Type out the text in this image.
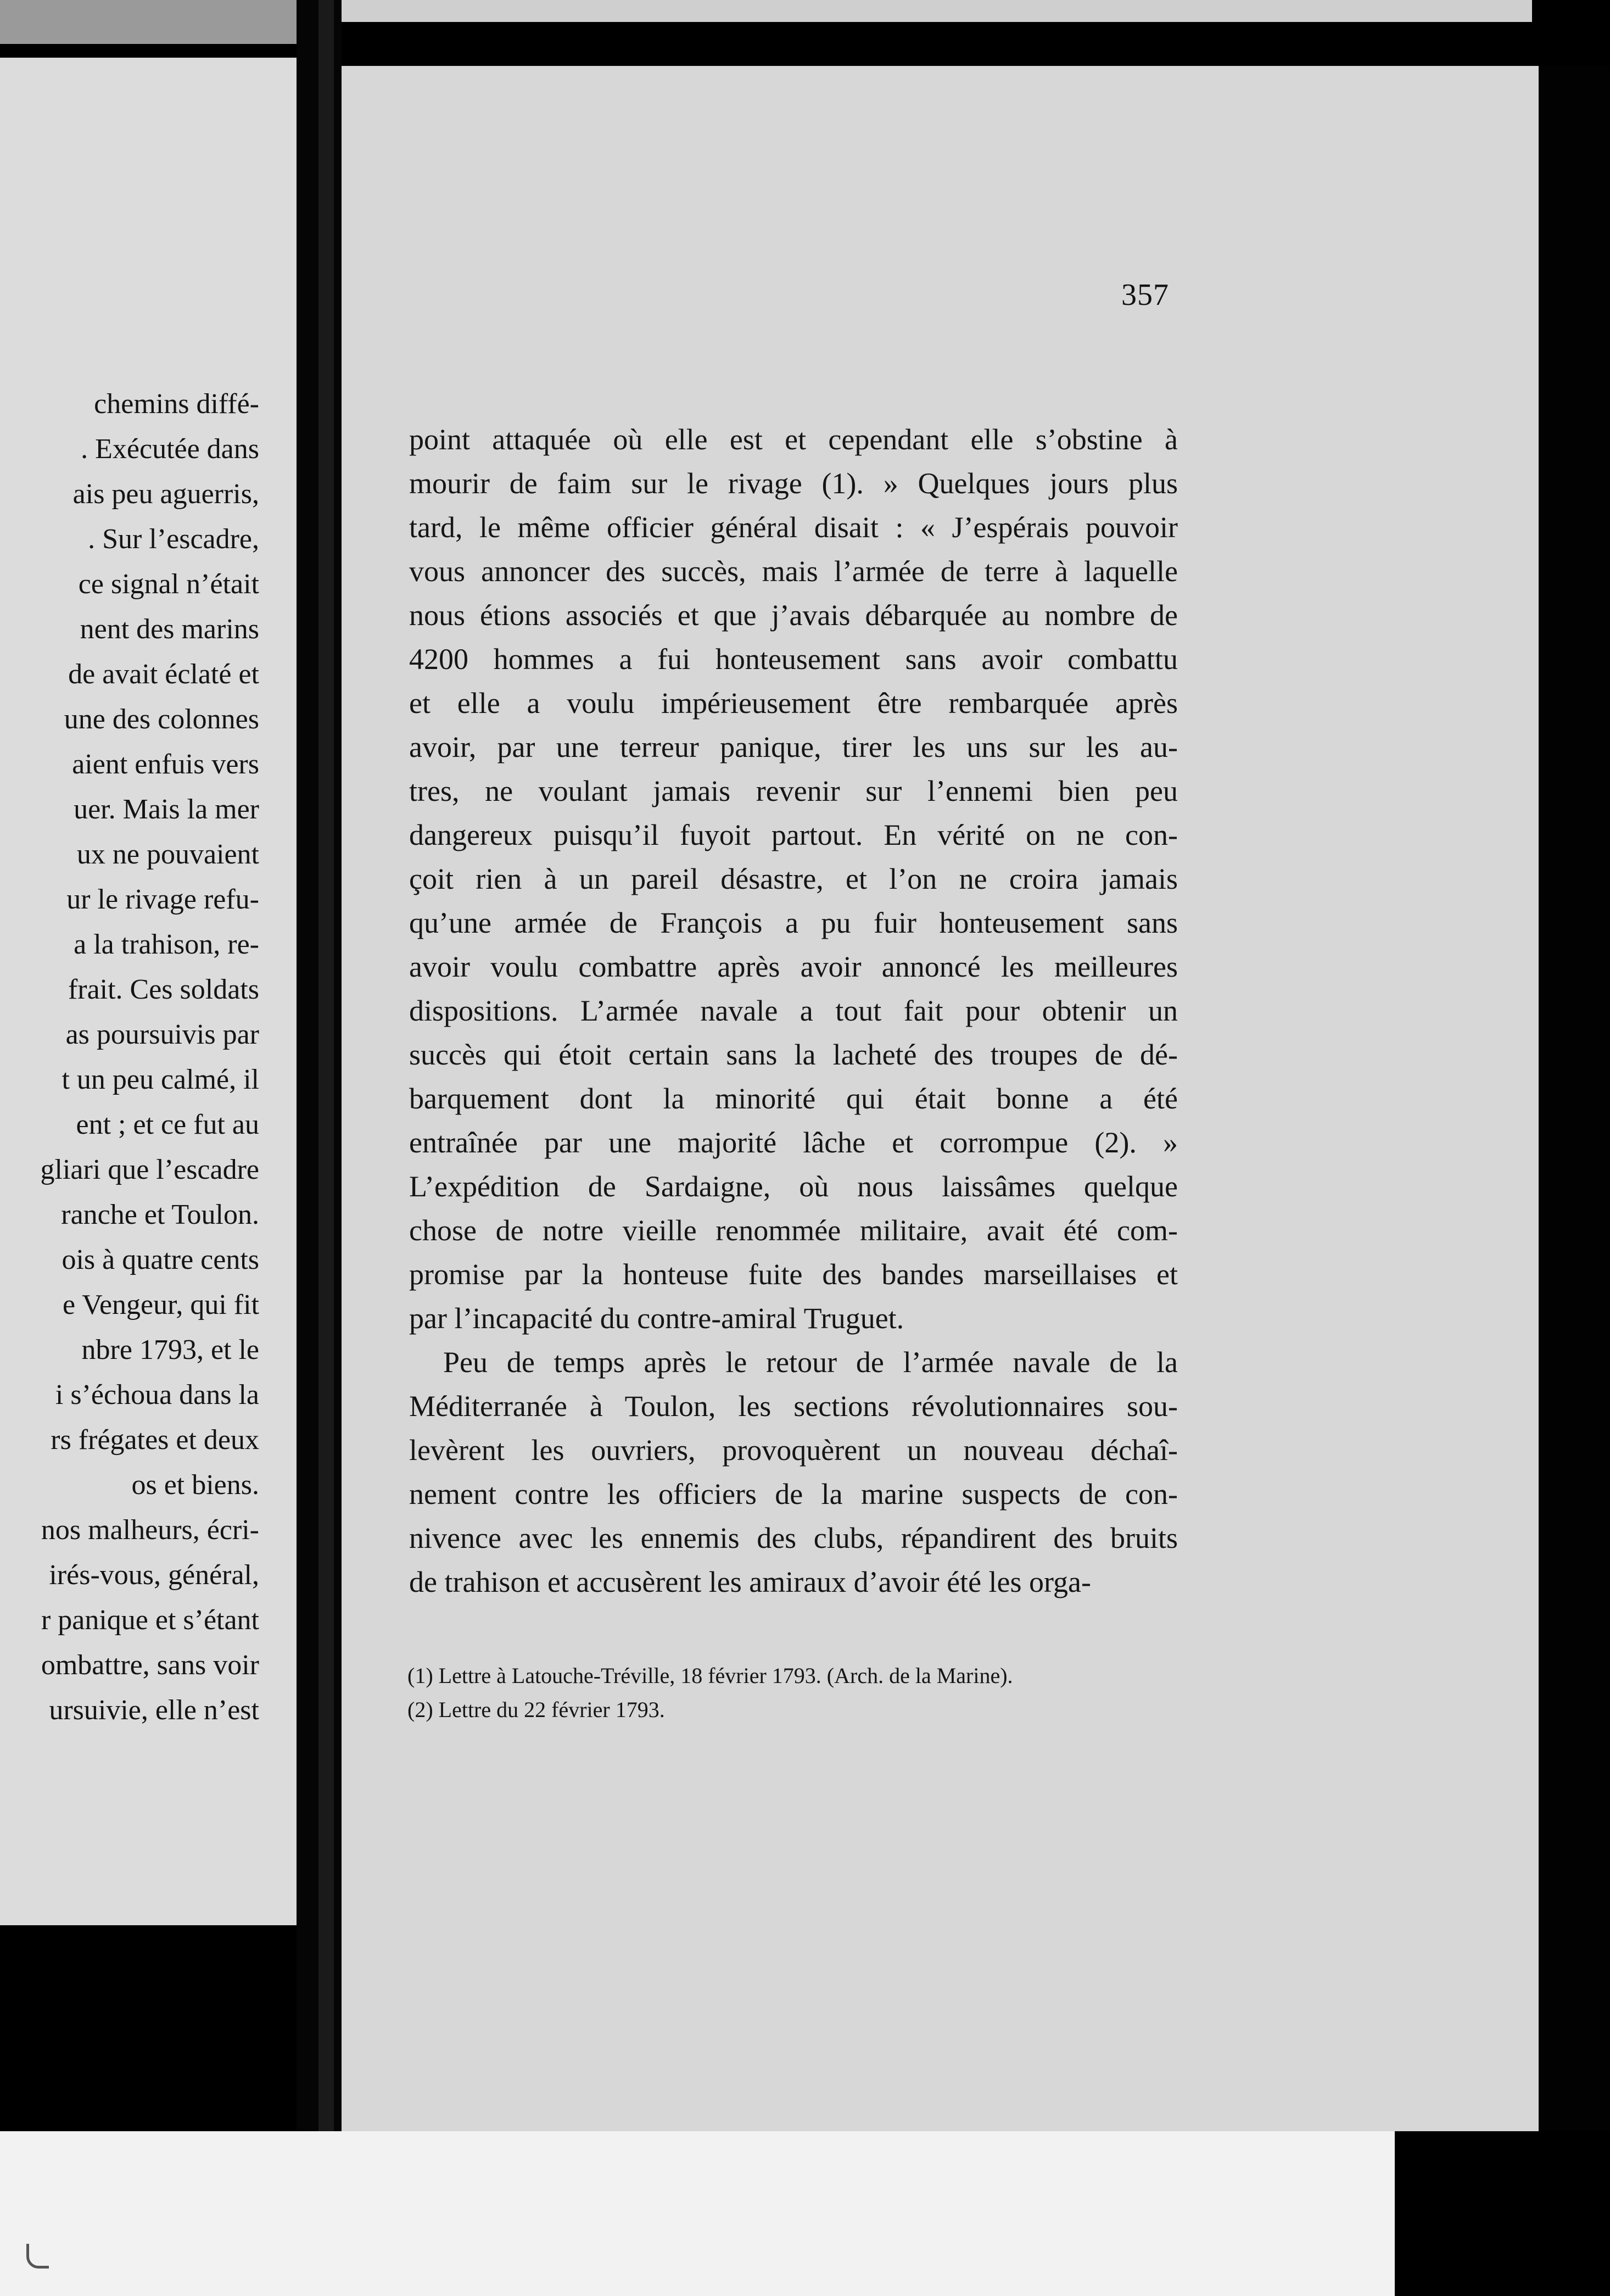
chemins diffé-
. Exécutée dans
ais peu aguerris,
. Sur l’escadre,
ce signal n’était
nent des marins
de avait éclaté et
une des colonnes
aient enfuis vers
uer. Mais la mer
ux ne pouvaient
ur le rivage refu-
a la trahison, re-
frait. Ces soldats
as poursuivis par
t un peu calmé, il
ent ; et ce fut au
gliari que l’escadre
ranche et Toulon.
ois à quatre cents
e Vengeur, qui fit
nbre 1793, et le
i s’échoua dans la
rs frégates et deux
os et biens.
nos malheurs, écri-
irés-vous, général,
r panique et s’étant
ombattre, sans voir
ursuivie, elle n’est
357

point attaquée où elle est et cependant elle s’obstine à
mourir de faim sur le rivage (1). » Quelques jours plus
tard, le même officier général disait : « J’espérais pouvoir
vous annoncer des succès, mais l’armée de terre à laquelle
nous étions associés et que j’avais débarquée au nombre de
4200 hommes a fui honteusement sans avoir combattu
et elle a voulu impérieusement être rembarquée après
avoir, par une terreur panique, tirer les uns sur les au-
tres, ne voulant jamais revenir sur l’ennemi bien peu
dangereux puisqu’il fuyoit partout. En vérité on ne con-
çoit rien à un pareil désastre, et l’on ne croira jamais
qu’une armée de François a pu fuir honteusement sans
avoir voulu combattre après avoir annoncé les meilleures
dispositions. L’armée navale a tout fait pour obtenir un
succès qui étoit certain sans la lacheté des troupes de dé-
barquement dont la minorité qui était bonne a été
entraînée par une majorité lâche et corrompue (2). »
L’expédition de Sardaigne, où nous laissâmes quelque
chose de notre vieille renommée militaire, avait été com-
promise par la honteuse fuite des bandes marseillaises et
par l’incapacité du contre-amiral Truguet.

Peu de temps après le retour de l’armée navale de la
Méditerranée à Toulon, les sections révolutionnaires sou-
levèrent les ouvriers, provoquèrent un nouveau déchaî-
nement contre les officiers de la marine suspects de con-
nivence avec les ennemis des clubs, répandirent des bruits
de trahison et accusèrent les amiraux d’avoir été les orga-

(1) Lettre à Latouche-Tréville, 18 février 1793. (Arch. de la Marine).
(2) Lettre du 22 février 1793.
